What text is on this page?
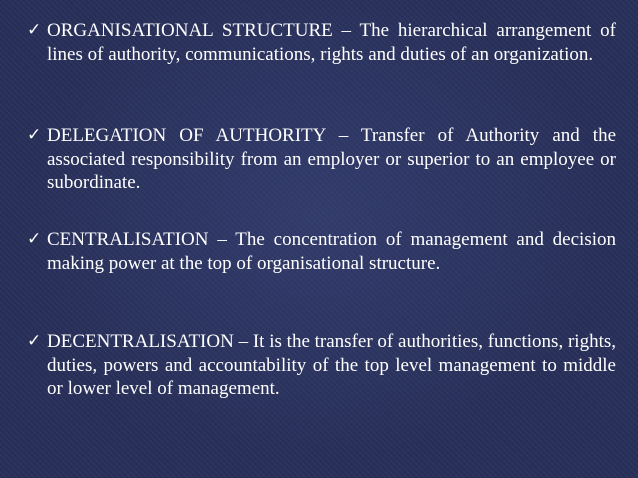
✓ ORGANISATIONAL STRUCTURE – The hierarchical arrangement of lines of authority, communications, rights and duties of an organization.
✓ DELEGATION OF AUTHORITY – Transfer of Authority and the associated responsibility from an employer or superior to an employee or subordinate.
✓ CENTRALISATION – The concentration of management and decision making power at the top of organisational structure.
✓ DECENTRALISATION – It is the transfer of authorities, functions, rights, duties, powers and accountability of the top level management to middle or lower level of management.
